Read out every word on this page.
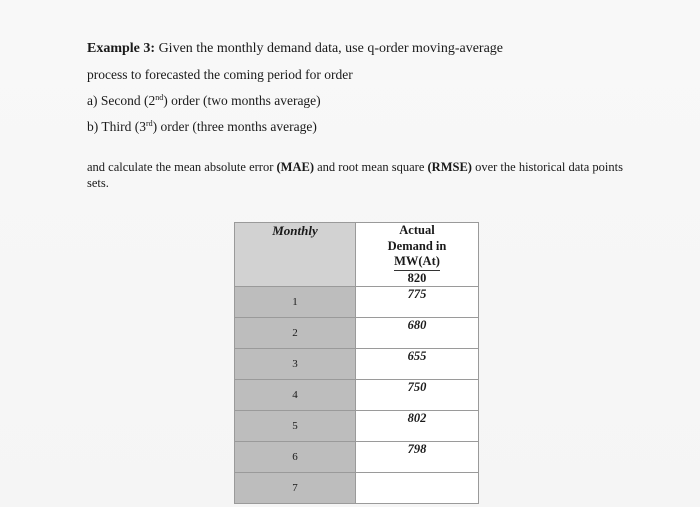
Example 3: Given the monthly demand data, use q-order moving-average
process to forecasted the coming period for order
a) Second (2nd) order (two months average)
b) Third (3rd) order (three months average)
and calculate the mean absolute error (MAE) and root mean square (RMSE) over the historical data points sets.
Monthly	Actual
Demand in
MW(At)
820

1	775
2	680
3	655
4	750
5	802
6	798
7	
